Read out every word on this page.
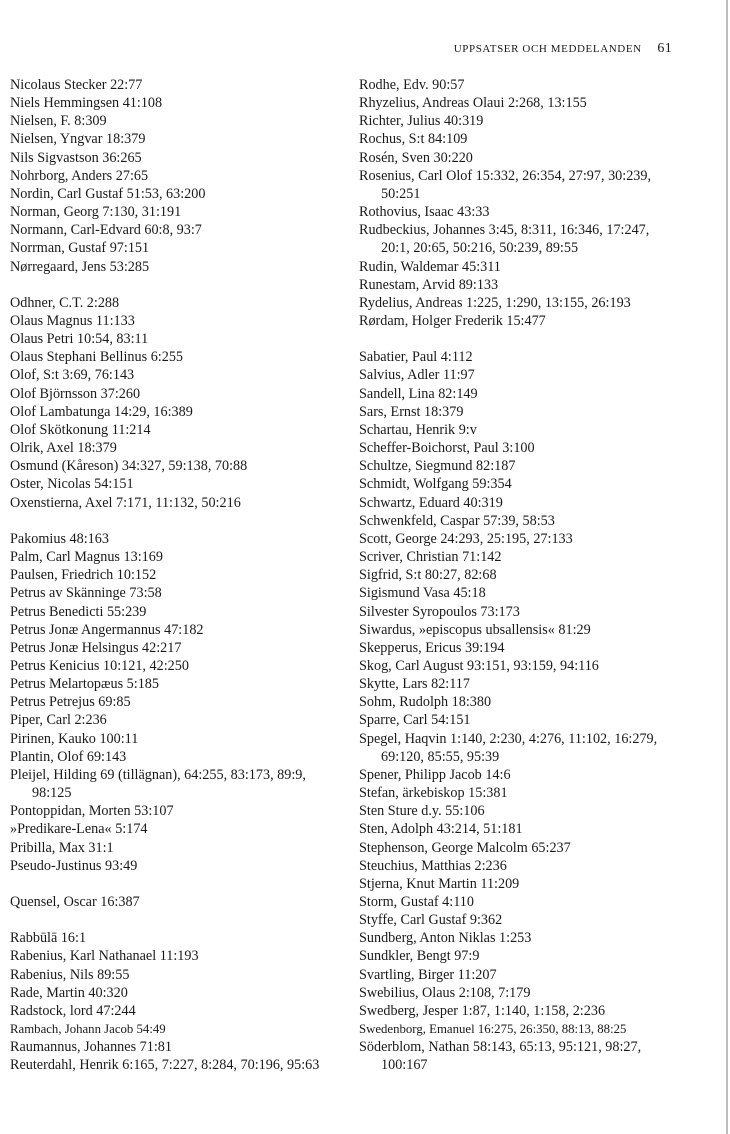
UPPSATSER OCH MEDDELANDEN 61
Nicolaus Stecker 22:77
Niels Hemmingsen 41:108
Nielsen, F. 8:309
Nielsen, Yngvar 18:379
Nils Sigvastson 36:265
Nohrborg, Anders 27:65
Nordin, Carl Gustaf 51:53, 63:200
Norman, Georg 7:130, 31:191
Normann, Carl-Edvard 60:8, 93:7
Norrman, Gustaf 97:151
Nørregaard, Jens 53:285
Odhner, C.T. 2:288
Olaus Magnus 11:133
Olaus Petri 10:54, 83:11
Olaus Stephani Bellinus 6:255
Olof, S:t 3:69, 76:143
Olof Björnsson 37:260
Olof Lambatunga 14:29, 16:389
Olof Skötkonung 11:214
Olrik, Axel 18:379
Osmund (Kåreson) 34:327, 59:138, 70:88
Oster, Nicolas 54:151
Oxenstierna, Axel 7:171, 11:132, 50:216
Pakomius 48:163
Palm, Carl Magnus 13:169
Paulsen, Friedrich 10:152
Petrus av Skänninge 73:58
Petrus Benedicti 55:239
Petrus Jonæ Angermannus 47:182
Petrus Jonæ Helsingus 42:217
Petrus Kenicius 10:121, 42:250
Petrus Melartopæus 5:185
Petrus Petrejus 69:85
Piper, Carl 2:236
Pirinen, Kauko 100:11
Plantin, Olof 69:143
Pleijel, Hilding 69 (tillägnan), 64:255, 83:173, 89:9, 98:125
Pontoppidan, Morten 53:107
»Predikare-Lena« 5:174
Pribilla, Max 31:1
Pseudo-Justinus 93:49
Quensel, Oscar 16:387
Rabbūlā 16:1
Rabenius, Karl Nathanael 11:193
Rabenius, Nils 89:55
Rade, Martin 40:320
Radstock, lord 47:244
Rambach, Johann Jacob 54:49
Raumannus, Johannes 71:81
Reuterdahl, Henrik 6:165, 7:227, 8:284, 70:196, 95:63
Rodhe, Edv. 90:57
Rhyzelius, Andreas Olaui 2:268, 13:155
Richter, Julius 40:319
Rochus, S:t 84:109
Rosén, Sven 30:220
Rosenius, Carl Olof 15:332, 26:354, 27:97, 30:239, 50:251
Rothovius, Isaac 43:33
Rudbeckius, Johannes 3:45, 8:311, 16:346, 17:247, 20:1, 20:65, 50:216, 50:239, 89:55
Rudin, Waldemar 45:311
Runestam, Arvid 89:133
Rydelius, Andreas 1:225, 1:290, 13:155, 26:193
Rørdam, Holger Frederik 15:477
Sabatier, Paul 4:112
Salvius, Adler 11:97
Sandell, Lina 82:149
Sars, Ernst 18:379
Schartau, Henrik 9:v
Scheffer-Boichorst, Paul 3:100
Schultze, Siegmund 82:187
Schmidt, Wolfgang 59:354
Schwartz, Eduard 40:319
Schwenkfeld, Caspar 57:39, 58:53
Scott, George 24:293, 25:195, 27:133
Scriver, Christian 71:142
Sigfrid, S:t 80:27, 82:68
Sigismund Vasa 45:18
Silvester Syropoulos 73:173
Siwardus, »episcopus ubsallensis« 81:29
Skepperus, Ericus 39:194
Skog, Carl August 93:151, 93:159, 94:116
Skytte, Lars 82:117
Sohm, Rudolph 18:380
Sparre, Carl 54:151
Spegel, Haqvin 1:140, 2:230, 4:276, 11:102, 16:279, 69:120, 85:55, 95:39
Spener, Philipp Jacob 14:6
Stefan, ärkebiskop 15:381
Sten Sture d.y. 55:106
Sten, Adolph 43:214, 51:181
Stephenson, George Malcolm 65:237
Steuchius, Matthias 2:236
Stjerna, Knut Martin 11:209
Storm, Gustaf 4:110
Styffe, Carl Gustaf 9:362
Sundberg, Anton Niklas 1:253
Sundkler, Bengt 97:9
Svartling, Birger 11:207
Swebilius, Olaus 2:108, 7:179
Swedberg, Jesper 1:87, 1:140, 1:158, 2:236
Swedenborg, Emanuel 16:275, 26:350, 88:13, 88:25
Söderblom, Nathan 58:143, 65:13, 95:121, 98:27, 100:167
